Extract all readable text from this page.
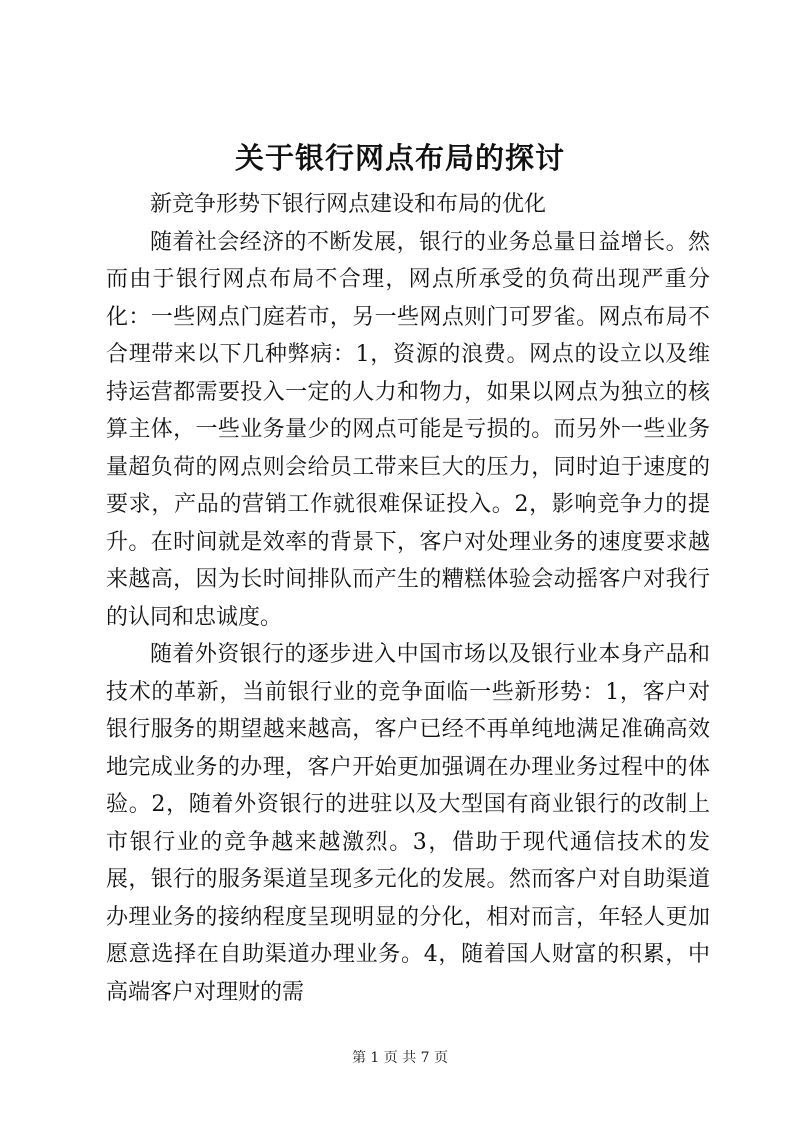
关于银行网点布局的探讨

新竞争形势下银行网点建设和布局的优化

随着社会经济的不断发展，银行的业务总量日益增长。然而由于银行网点布局不合理，网点所承受的负荷出现严重分化：一些网点门庭若市，另一些网点则门可罗雀。网点布局不合理带来以下几种弊病：1，资源的浪费。网点的设立以及维持运营都需要投入一定的人力和物力，如果以网点为独立的核算主体，一些业务量少的网点可能是亏损的。而另外一些业务量超负荷的网点则会给员工带来巨大的压力，同时迫于速度的要求，产品的营销工作就很难保证投入。2，影响竞争力的提升。在时间就是效率的背景下，客户对处理业务的速度要求越来越高，因为长时间排队而产生的糟糕体验会动摇客户对我行的认同和忠诚度。

随着外资银行的逐步进入中国市场以及银行业本身产品和技术的革新，当前银行业的竞争面临一些新形势：1，客户对银行服务的期望越来越高，客户已经不再单纯地满足准确高效地完成业务的办理，客户开始更加强调在办理业务过程中的体验。2，随着外资银行的进驻以及大型国有商业银行的改制上市银行业的竞争越来越激烈。3，借助于现代通信技术的发展，银行的服务渠道呈现多元化的发展。然而客户对自助渠道办理业务的接纳程度呈现明显的分化，相对而言，年轻人更加愿意选择在自助渠道办理业务。4，随着国人财富的积累，中高端客户对理财的需

第 1 页 共 7 页
